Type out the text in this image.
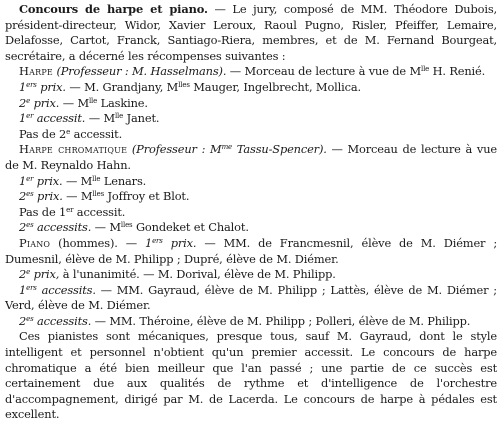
Concours de harpe et piano. — Le jury, composé de MM. Théodore Dubois, président-directeur, Widor, Xavier Leroux, Raoul Pugno, Risler, Pfeiffer, Lemaire, Delafosse, Cartot, Franck, Santiago-Riera, membres, et de M. Fernand Bourgeat, secrétaire, a décerné les récompenses suivantes :

Harpe (Professeur : M. Hasselmans). — Morceau de lecture à vue de $M^{lle}$ H. Renié.

1ers prix. — M. Grandjany, $M^{lles}$ Mauger, Ingelbrecht, Mollica.

2e prix. — $M^{lle}$ Laskine.

1er accessit. — $M^{lle}$ Janet.

Pas de 2e accessit.

Harpe chromatique (Professeur : $M^{me}$ Tassu-Spencer). — Morceau de lecture à vue de M. Reynaldo Hahn.

1er prix. — $M^{lle}$ Lenars.

$2^{es}$ prix. — $M^{lles}$ Joffroy et Blot.

Pas de 1er accessit.

$2^{es}$ accessits. — $M^{lles}$ Gondeket et Chalot.

Piano (hommes). — 1ers prix. — MM. de Francmesnil, élève de M. Diémer ; Dumesnil, élève de M. Philipp ; Dupré, élève de M. Diémer.

2e prix, à l'unanimité. — M. Dorival, élève de M. Philipp.

1ers accessits. — MM. Gayraud, élève de M. Philipp ; Lattès, élève de M. Diémer ; Verd, élève de M. Diémer.

$2^{es}$ accessits. — MM. Théroine, élève de M. Philipp ; Polleri, élève de M. Philipp.

Ces pianistes sont mécaniques, presque tous, sauf M. Gayraud, dont le style intelligent et personnel n'obtient qu'un premier accessit. Le concours de harpe chromatique a été bien meilleur que l'an passé ; une partie de ce succès est certainement due aux qualités de rythme et d'intelligence de l'orchestre d'accompagnement, dirigé par M. de Lacerda. Le concours de harpe à pédales est excellent.
